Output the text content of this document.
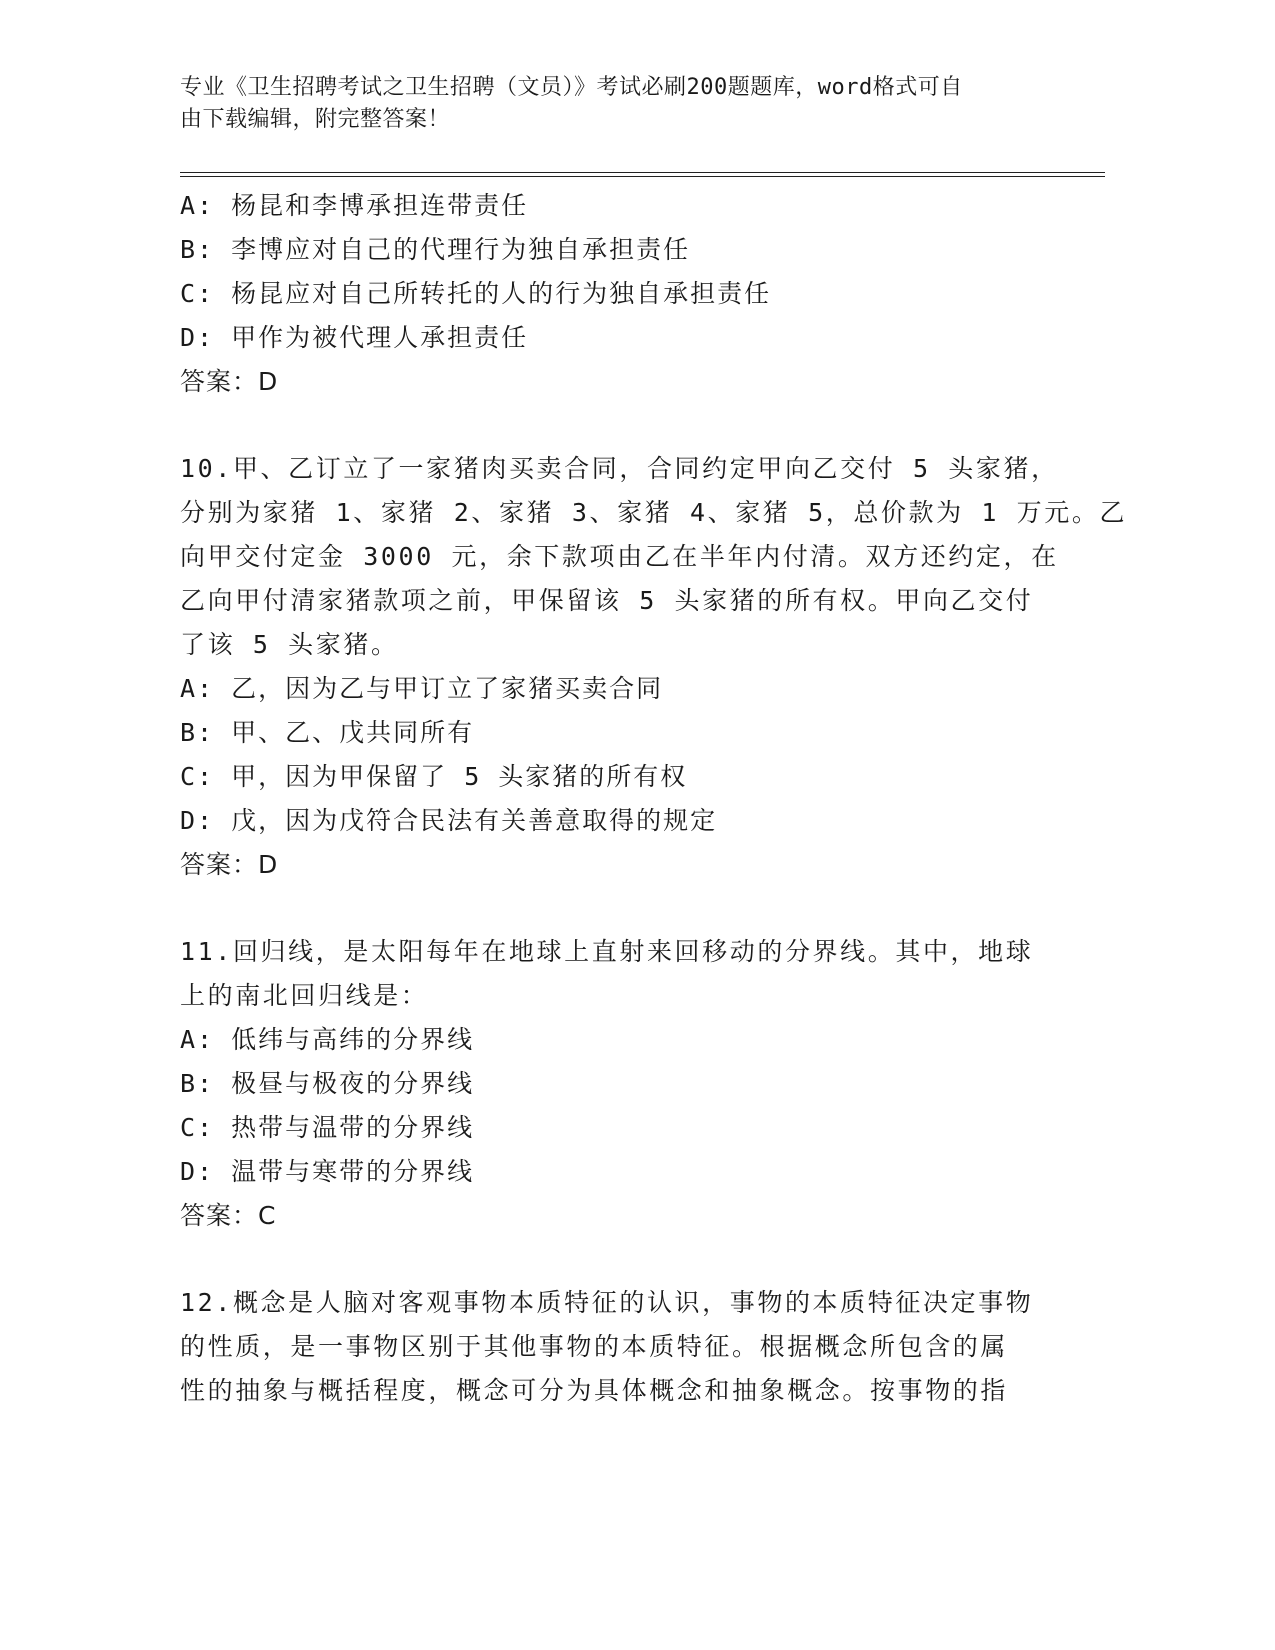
专业《卫生招聘考试之卫生招聘（文员）》考试必刷200题题库，word格式可自
由下载编辑，附完整答案！
A: 杨昆和李博承担连带责任
B: 李博应对自己的代理行为独自承担责任
C: 杨昆应对自己所转托的人的行为独自承担责任
D: 甲作为被代理人承担责任
答案：D
10.甲、乙订立了一家猪肉买卖合同，合同约定甲向乙交付 5 头家猪，
分别为家猪 1、家猪 2、家猪 3、家猪 4、家猪 5，总价款为 1 万元。乙
向甲交付定金 3000 元，余下款项由乙在半年内付清。双方还约定，在
乙向甲付清家猪款项之前，甲保留该 5 头家猪的所有权。甲向乙交付
了该 5 头家猪。
A: 乙，因为乙与甲订立了家猪买卖合同
B: 甲、乙、戊共同所有
C: 甲，因为甲保留了 5 头家猪的所有权
D: 戊，因为戊符合民法有关善意取得的规定
答案：D
11.回归线，是太阳每年在地球上直射来回移动的分界线。其中，地球
上的南北回归线是：
A: 低纬与高纬的分界线
B: 极昼与极夜的分界线
C: 热带与温带的分界线
D: 温带与寒带的分界线
答案：C
12.概念是人脑对客观事物本质特征的认识，事物的本质特征决定事物
的性质，是一事物区别于其他事物的本质特征。根据概念所包含的属
性的抽象与概括程度，概念可分为具体概念和抽象概念。按事物的指
